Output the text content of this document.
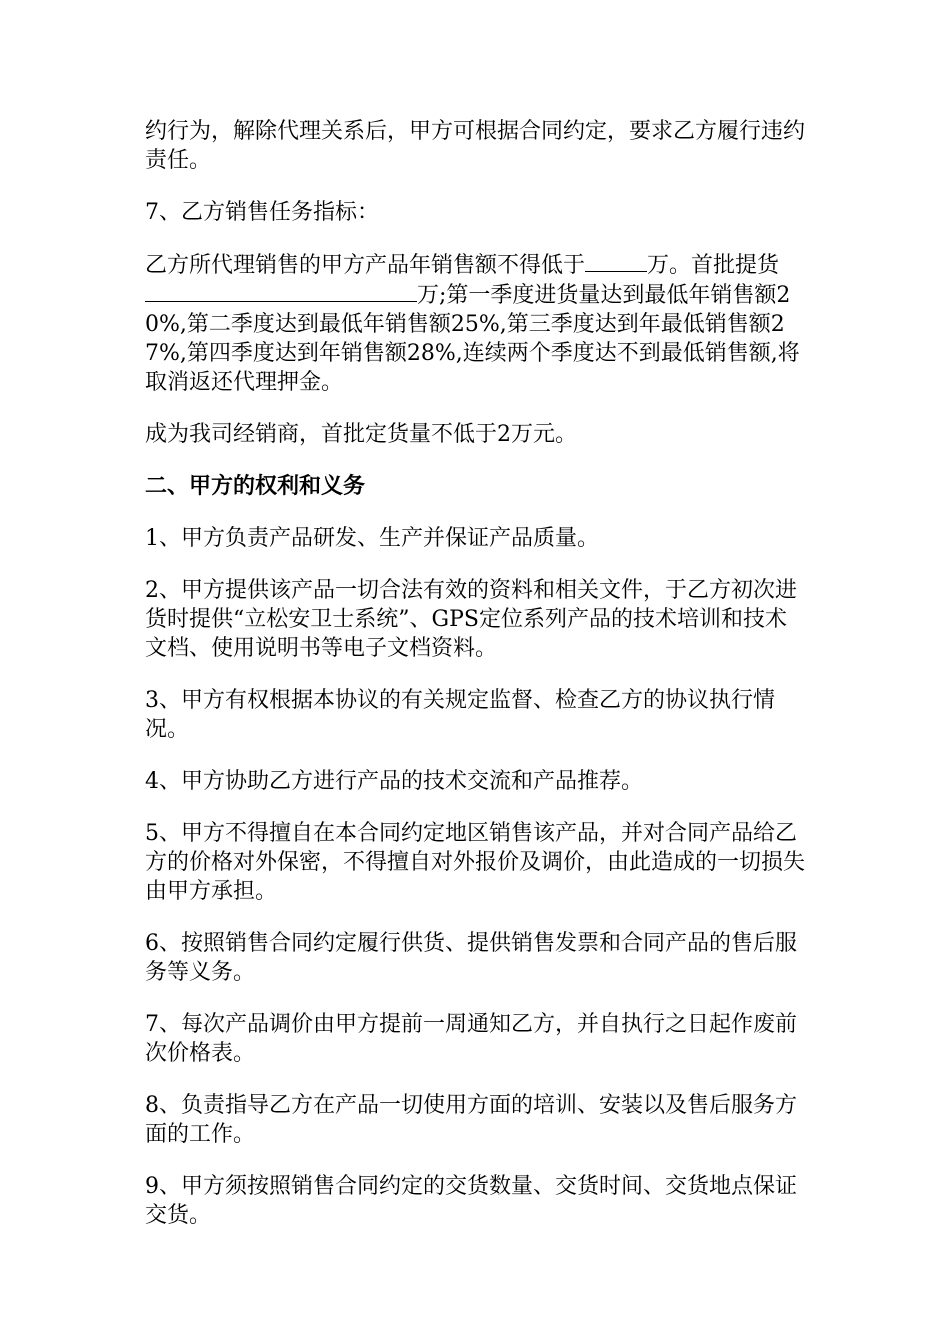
约行为，解除代理关系后，甲方可根据合同约定，要求乙方履行违约责任。

7、乙方销售任务指标：

乙方所代理销售的甲方产品年销售额不得低于	万。首批提货万;第一季度进货量达到最低年销售额20%,第二季度达到最低年销售额25%,第三季度达到年最低销售额27%,第四季度达到年销售额28%,连续两个季度达不到最低销售额,将取消返还代理押金。

成为我司经销商，首批定货量不低于2万元。

二、甲方的权利和义务

1、甲方负责产品研发、生产并保证产品质量。

2、甲方提供该产品一切合法有效的资料和相关文件，于乙方初次进货时提供“立松安卫士系统”、GPS定位系列产品的技术培训和技术文档、使用说明书等电子文档资料。

3、甲方有权根据本协议的有关规定监督、检查乙方的协议执行情况。

4、甲方协助乙方进行产品的技术交流和产品推荐。

5、甲方不得擅自在本合同约定地区销售该产品，并对合同产品给乙方的价格对外保密，不得擅自对外报价及调价，由此造成的一切损失由甲方承担。

6、按照销售合同约定履行供货、提供销售发票和合同产品的售后服务等义务。

7、每次产品调价由甲方提前一周通知乙方，并自执行之日起作废前次价格表。

8、负责指导乙方在产品一切使用方面的培训、安装以及售后服务方面的工作。

9、甲方须按照销售合同约定的交货数量、交货时间、交货地点保证交货。
